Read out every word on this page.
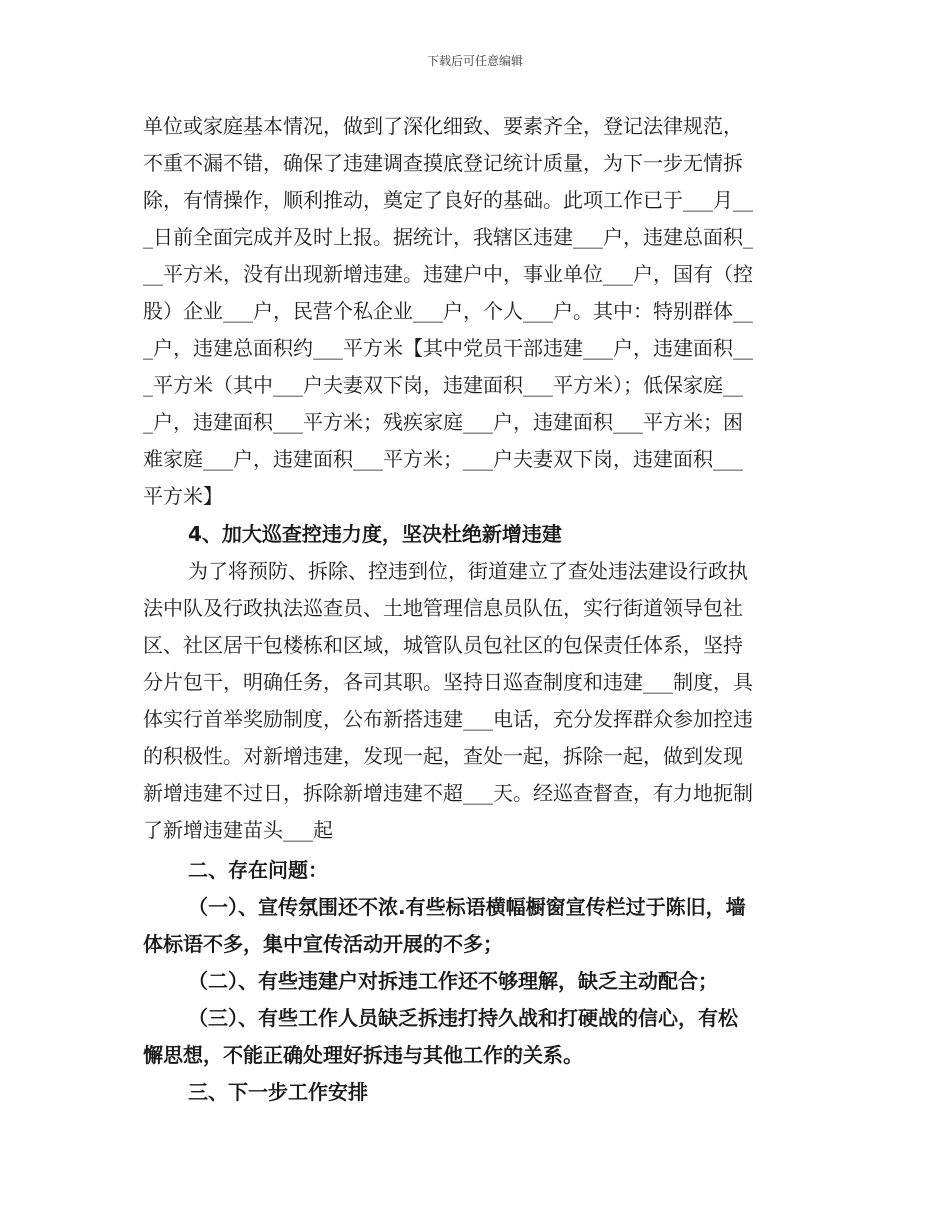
下载后可任意编辑
单位或家庭基本情况，做到了深化细致、要素齐全，登记法律规范，
不重不漏不错，确保了违建调查摸底登记统计质量，为下一步无情拆
除，有情操作，顺利推动，奠定了良好的基础。此项工作已于___月__
_日前全面完成并及时上报。据统计，我辖区违建___户，违建总面积_
__平方米，没有出现新增违建。违建户中，事业单位___户，国有（控
股）企业___户，民营个私企业___户，个人___户。其中：特别群体__
_户，违建总面积约___平方米【其中党员干部违建___户，违建面积__
_平方米（其中___户夫妻双下岗，违建面积___平方米）；低保家庭__
_户，违建面积___平方米；残疾家庭___户，违建面积___平方米；困
难家庭___户，违建面积___平方米；___户夫妻双下岗，违建面积___
平方米】
4、加大巡查控违力度，坚决杜绝新增违建
为了将预防、拆除、控违到位，街道建立了查处违法建设行政执
法中队及行政执法巡查员、土地管理信息员队伍，实行街道领导包社
区、社区居干包楼栋和区域，城管队员包社区的包保责任体系，坚持
分片包干，明确任务，各司其职。坚持日巡查制度和违建___制度，具
体实行首举奖励制度，公布新搭违建___电话，充分发挥群众参加控违
的积极性。对新增违建，发现一起，查处一起，拆除一起，做到发现
新增违建不过日，拆除新增违建不超___天。经巡查督查，有力地扼制
了新增违建苗头___起
二、存在问题：
（一）、宣传氛围还不浓.有些标语横幅橱窗宣传栏过于陈旧，墙
体标语不多，集中宣传活动开展的不多；
（二）、有些违建户对拆违工作还不够理解，缺乏主动配合；
（三）、有些工作人员缺乏拆违打持久战和打硬战的信心，有松
懈思想，不能正确处理好拆违与其他工作的关系。
三、下一步工作安排
